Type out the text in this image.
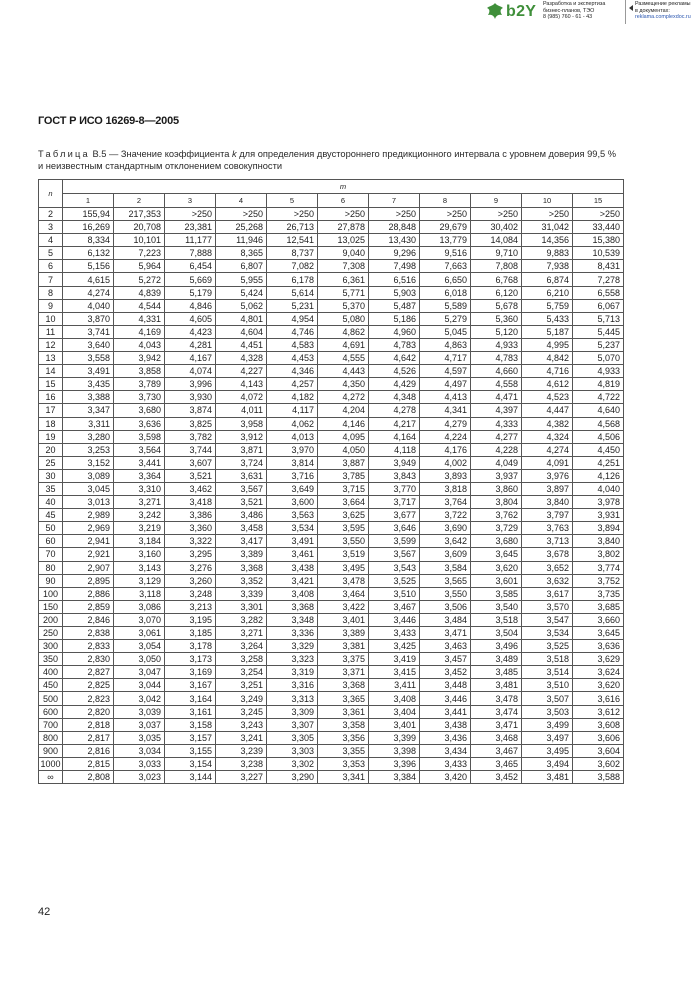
b2Y Разработка и экспертиза
бизнес-планов, ТЭО
8 (985) 760 - 61 - 43
Размещение рекламы
в документах:
reklama.complexdoc.ru
ГОСТ Р ИСО 16269-8—2005
Таблица В.5 — Значение коэффициента k для определения двустороннего предикционного интервала с уровнем доверия 99,5 % и неизвестным стандартным отклонением совокупности
n	m										
	1	2	3	4	5	6	7	8	9	10	15
2	155,94	217,353	>250	>250	>250	>250	>250	>250	>250	>250	>250
3	16,269	20,708	23,381	25,268	26,713	27,878	28,848	29,679	30,402	31,042	33,440
4	8,334	10,101	11,177	11,946	12,541	13,025	13,430	13,779	14,084	14,356	15,380
5	6,132	7,223	7,888	8,365	8,737	9,040	9,296	9,516	9,710	9,883	10,539
6	5,156	5,964	6,454	6,807	7,082	7,308	7,498	7,663	7,808	7,938	8,431
7	4,615	5,272	5,669	5,955	6,178	6,361	6,516	6,650	6,768	6,874	7,278
8	4,274	4,839	5,179	5,424	5,614	5,771	5,903	6,018	6,120	6,210	6,558
9	4,040	4,544	4,846	5,062	5,231	5,370	5,487	5,589	5,678	5,759	6,067
10	3,870	4,331	4,605	4,801	4,954	5,080	5,186	5,279	5,360	5,433	5,713
11	3,741	4,169	4,423	4,604	4,746	4,862	4,960	5,045	5,120	5,187	5,445
12	3,640	4,043	4,281	4,451	4,583	4,691	4,783	4,863	4,933	4,995	5,237
13	3,558	3,942	4,167	4,328	4,453	4,555	4,642	4,717	4,783	4,842	5,070
14	3,491	3,858	4,074	4,227	4,346	4,443	4,526	4,597	4,660	4,716	4,933
15	3,435	3,789	3,996	4,143	4,257	4,350	4,429	4,497	4,558	4,612	4,819
16	3,388	3,730	3,930	4,072	4,182	4,272	4,348	4,413	4,471	4,523	4,722
17	3,347	3,680	3,874	4,011	4,117	4,204	4,278	4,341	4,397	4,447	4,640
18	3,311	3,636	3,825	3,958	4,062	4,146	4,217	4,279	4,333	4,382	4,568
19	3,280	3,598	3,782	3,912	4,013	4,095	4,164	4,224	4,277	4,324	4,506
20	3,253	3,564	3,744	3,871	3,970	4,050	4,118	4,176	4,228	4,274	4,450
25	3,152	3,441	3,607	3,724	3,814	3,887	3,949	4,002	4,049	4,091	4,251
30	3,089	3,364	3,521	3,631	3,716	3,785	3,843	3,893	3,937	3,976	4,126
35	3,045	3,310	3,462	3,567	3,649	3,715	3,770	3,818	3,860	3,897	4,040
40	3,013	3,271	3,418	3,521	3,600	3,664	3,717	3,764	3,804	3,840	3,978
45	2,989	3,242	3,386	3,486	3,563	3,625	3,677	3,722	3,762	3,797	3,931
50	2,969	3,219	3,360	3,458	3,534	3,595	3,646	3,690	3,729	3,763	3,894
60	2,941	3,184	3,322	3,417	3,491	3,550	3,599	3,642	3,680	3,713	3,840
70	2,921	3,160	3,295	3,389	3,461	3,519	3,567	3,609	3,645	3,678	3,802
80	2,907	3,143	3,276	3,368	3,438	3,495	3,543	3,584	3,620	3,652	3,774
90	2,895	3,129	3,260	3,352	3,421	3,478	3,525	3,565	3,601	3,632	3,752
100	2,886	3,118	3,248	3,339	3,408	3,464	3,510	3,550	3,585	3,617	3,735
150	2,859	3,086	3,213	3,301	3,368	3,422	3,467	3,506	3,540	3,570	3,685
200	2,846	3,070	3,195	3,282	3,348	3,401	3,446	3,484	3,518	3,547	3,660
250	2,838	3,061	3,185	3,271	3,336	3,389	3,433	3,471	3,504	3,534	3,645
300	2,833	3,054	3,178	3,264	3,329	3,381	3,425	3,463	3,496	3,525	3,636
350	2,830	3,050	3,173	3,258	3,323	3,375	3,419	3,457	3,489	3,518	3,629
400	2,827	3,047	3,169	3,254	3,319	3,371	3,415	3,452	3,485	3,514	3,624
450	2,825	3,044	3,167	3,251	3,316	3,368	3,411	3,448	3,481	3,510	3,620
500	2,823	3,042	3,164	3,249	3,313	3,365	3,408	3,446	3,478	3,507	3,616
600	2,820	3,039	3,161	3,245	3,309	3,361	3,404	3,441	3,474	3,503	3,612
700	2,818	3,037	3,158	3,243	3,307	3,358	3,401	3,438	3,471	3,499	3,608
800	2,817	3,035	3,157	3,241	3,305	3,356	3,399	3,436	3,468	3,497	3,606
900	2,816	3,034	3,155	3,239	3,303	3,355	3,398	3,434	3,467	3,495	3,604
1000	2,815	3,033	3,154	3,238	3,302	3,353	3,396	3,433	3,465	3,494	3,602
∞	2,808	3,023	3,144	3,227	3,290	3,341	3,384	3,420	3,452	3,481	3,588
42
